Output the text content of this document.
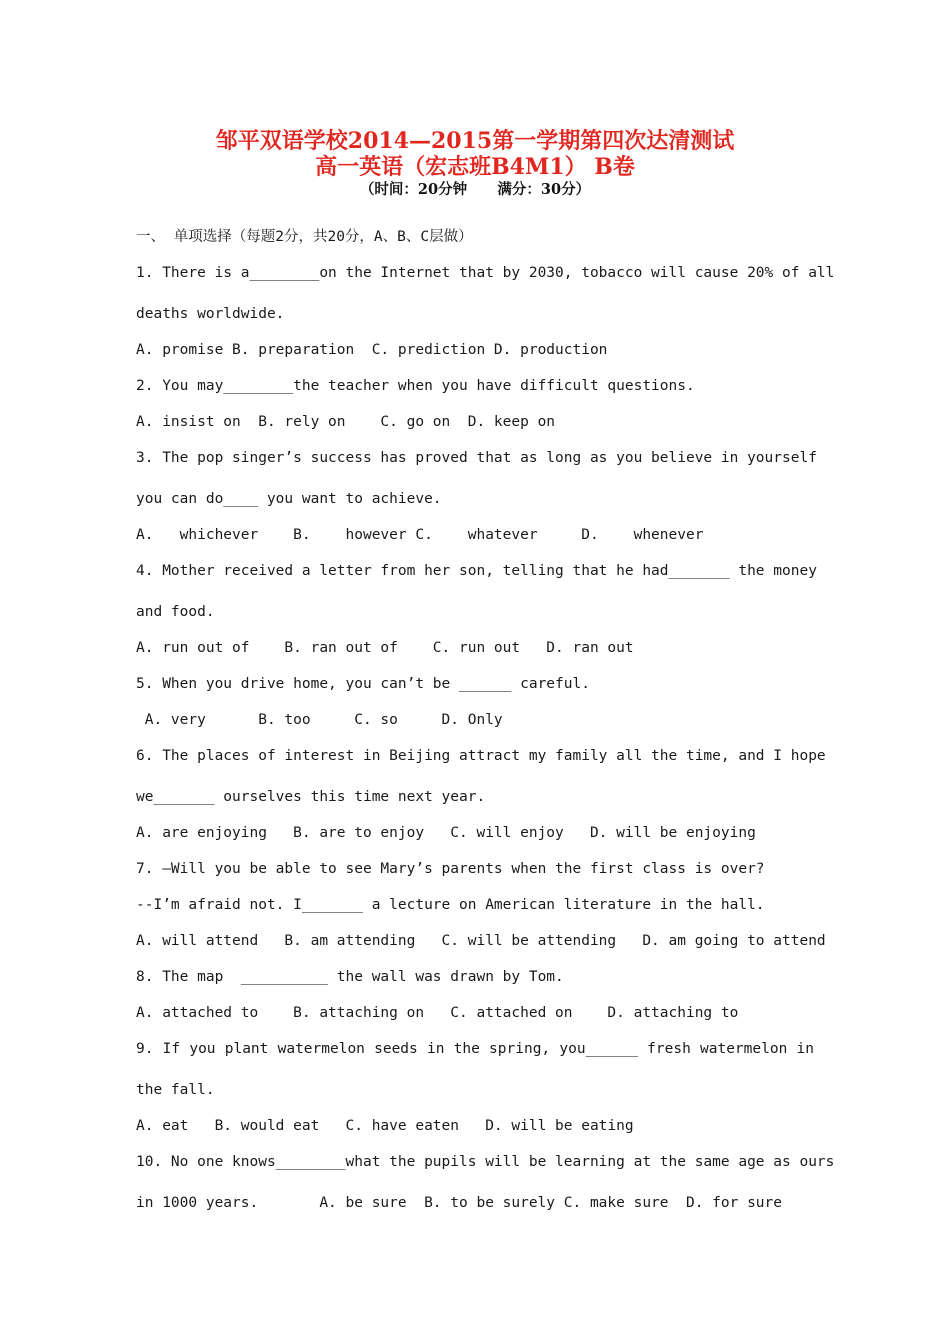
邹平双语学校2014—2015第一学期第四次达清测试
高一英语（宏志班B4M1） B卷
（时间：20分钟      满分：30分）
一、 单项选择（每题2分，共20分，A、B、C层做）
1. There is a________on the Internet that by 2030, tobacco will cause 20% of all
deaths worldwide.
A. promise B. preparation  C. prediction D. production
2. You may________the teacher when you have difficult questions.
A. insist on  B. rely on    C. go on  D. keep on
3. The pop singer’s success has proved that as long as you believe in yourself
you can do____ you want to achieve.
A.   whichever    B.    however C.    whatever     D.    whenever
4. Mother received a letter from her son, telling that he had_______ the money
and food.
A. run out of    B. ran out of    C. run out   D. ran out
5. When you drive home, you can’t be ______ careful.
A. very      B. too     C. so     D. Only
6. The places of interest in Beijing attract my family all the time, and I hope
we_______ ourselves this time next year.
A. are enjoying   B. are to enjoy   C. will enjoy   D. will be enjoying
7. —Will you be able to see Mary’s parents when the first class is over?
--I’m afraid not. I_______ a lecture on American literature in the hall.
A. will attend   B. am attending   C. will be attending   D. am going to attend
8. The map  __________ the wall was drawn by Tom.
A. attached to    B. attaching on   C. attached on    D. attaching to
9. If you plant watermelon seeds in the spring, you______ fresh watermelon in
the fall.
A. eat   B. would eat   C. have eaten   D. will be eating
10. No one knows________what the pupils will be learning at the same age as ours
in 1000 years.       A. be sure  B. to be surely C. make sure  D. for sure
